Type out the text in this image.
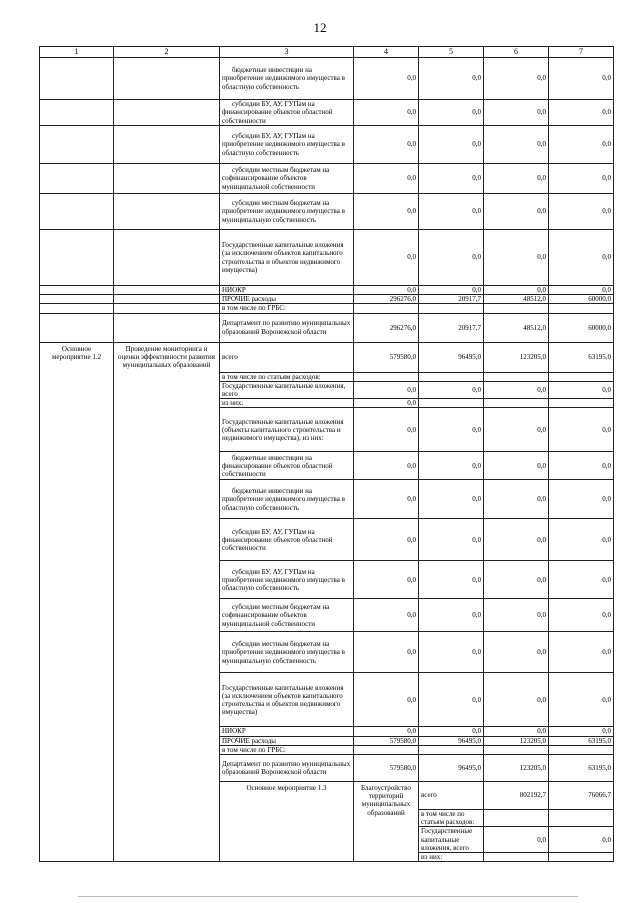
12
1	2	3	4	5	6	7	
		бюджетные инвестиции на приобретение недвижимого имущества в областную собственность	0,0	0,0	0,0	0,0	
		субсидии БУ, АУ, ГУПам на финансирование объектов областной собственности	0,0	0,0	0,0	0,0	
		субсидии БУ, АУ, ГУПам на приобретение недвижимого имущества в областную собственность	0,0	0,0	0,0	0,0	
		субсидии местным бюджетам на софинансирование объектов муниципальной собственности	0,0	0,0	0,0	0,0	
		субсидии местным бюджетам на приобретение недвижимого имущества в муниципальную собственность	0,0	0,0	0,0	0,0	
		Государственные капитальные вложения (за исключением объектов капитального строительства и объектов недвижимого имущества)	0,0	0,0	0,0	0,0	
		НИОКР	0,0	0,0	0,0	0,0	
		ПРОЧИЕ расходы	296276,0	20917,7	48512,0	60000,0	
		в том числе по ГРБС:					
		Департамент по развитию муниципальных образований Воронежской области	296276,0	20917,7	48512,0	60000,0	
Основное мероприятие 1.2	Проведение мониторинга и оценки эффективности развития муниципальных образований	всего	579580,0	96495,0	123205,0	63195,0	
		в том числе по статьям расходов:					
		Государственные капитальные вложения, всего	0,0	0,0	0,0	0,0	
		из них:	0,0				
		Государственные капитальные вложения (объекты капитального строительства и недвижимого имущества), из них:	0,0	0,0	0,0	0,0	
		бюджетные инвестиции на финансирование объектов областной собственности	0,0	0,0	0,0	0,0	
		бюджетные инвестиции на приобретение недвижимого имущества в областную собственность	0,0	0,0	0,0	0,0	
		субсидии БУ, АУ, ГУПам на финансирование объектов областной собственности	0,0	0,0	0,0	0,0	
		субсидии БУ, АУ, ГУПам на приобретение недвижимого имущества в областную собственность	0,0	0,0	0,0	0,0	
		субсидии местным бюджетам на софинансирование объектов муниципальной собственности	0,0	0,0	0,0	0,0	
		субсидии местным бюджетам на приобретение недвижимого имущества в муниципальную собственность	0,0	0,0	0,0	0,0	
		Государственные капитальные вложения (за исключением объектов капитального строительства и объектов недвижимого имущества)	0,0	0,0	0,0	0,0	
		НИОКР	0,0	0,0	0,0	0,0	
		ПРОЧИЕ расходы	579580,0	96495,0	123205,0	63195,0	
		в том числе по ГРБС:					
		Департамент по развитию муниципальных образований Воронежской области	579580,0	96495,0	123205,0	63195,0	
		Основное мероприятие 1.3	Благоустройство территорий муниципальных образований	всего	802192,7	76066,7		
				в том числе по статьям расходов:				
				Государственные капитальные вложения, всего	0,0	0,0		
				из них:				
